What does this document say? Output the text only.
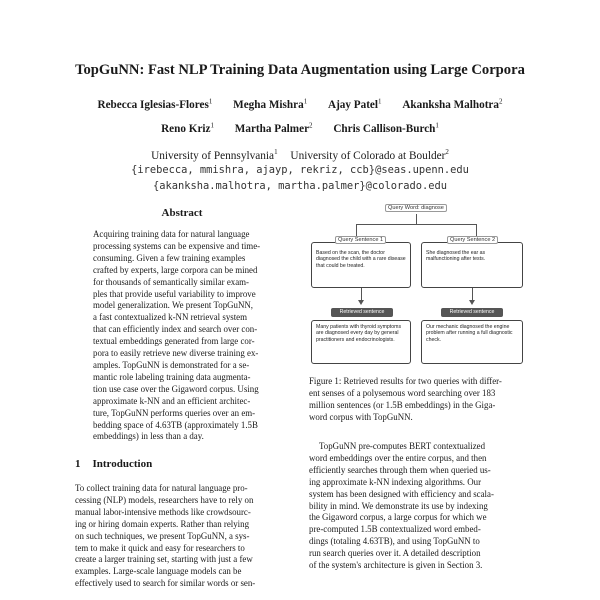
TopGuNN: Fast NLP Training Data Augmentation using Large Corpora
Rebecca Iglesias-Flores$^1$ Megha Mishra$^1$ Ajay Patel$^1$ Akanksha Malhotra$^2$
Reno Kriz$^1$ Martha Palmer$^2$ Chris Callison-Burch$^1$
University of Pennsylvania$^1$ University of Colorado at Boulder$^2$
{irebecca, mmishra, ajayp, rekriz, ccb}@seas.upenn.edu
{akanksha.malhotra, martha.palmer}@colorado.edu
Abstract
Acquiring training data for natural language
processing systems can be expensive and time-
consuming. Given a few training examples
crafted by experts, large corpora can be mined
for thousands of semantically similar exam-
ples that provide useful variability to improve
model generalization. We present TopGuNN,
a fast contextualized k-NN retrieval system
that can efficiently index and search over con-
textual embeddings generated from large cor-
pora to easily retrieve new diverse training ex-
amples. TopGuNN is demonstrated for a se-
mantic role labeling training data augmenta-
tion use case over the Gigaword corpus. Using
approximate k-NN and an efficient architec-
ture, TopGuNN performs queries over an em-
bedding space of 4.63TB (approximately 1.5B
embeddings) in less than a day.
1 Introduction
To collect training data for natural language pro-
cessing (NLP) models, researchers have to rely on
manual labor-intensive methods like crowdsourc-
ing or hiring domain experts. Rather than relying
on such techniques, we present TopGuNN, a sys-
tem to make it quick and easy for researchers to
create a larger training set, starting with just a few
examples. Large-scale language models can be
effectively used to search for similar words or sen-
Query Word: diagnose
Query Sentence 1
Based on the scan, the doctor diagnosed the child with a rare disease that could be treated.
Query Sentence 2
She diagnosed the ear as malfunctioning after tests.
Retrieved sentence	Retrieved sentence
Many patients with thyroid symptoms are diagnosed every day by general practitioners and endocrinologists.
Our mechanic diagnosed the engine problem after running a full diagnostic check.
Figure 1: Retrieved results for two queries with differ-
ent senses of a polysemous word searching over 183
million sentences (or 1.5B embeddings) in the Giga-
word corpus with TopGuNN.
TopGuNN pre-computes BERT contextualized
word embeddings over the entire corpus, and then
efficiently searches through them when queried us-
ing approximate k-NN indexing algorithms. Our
system has been designed with efficiency and scala-
bility in mind. We demonstrate its use by indexing
the Gigaword corpus, a large corpus for which we
pre-computed 1.5B contextualized word embed-
dings (totaling 4.63TB), and using TopGuNN to
run search queries over it. A detailed description
of the system's architecture is given in Section 3.
